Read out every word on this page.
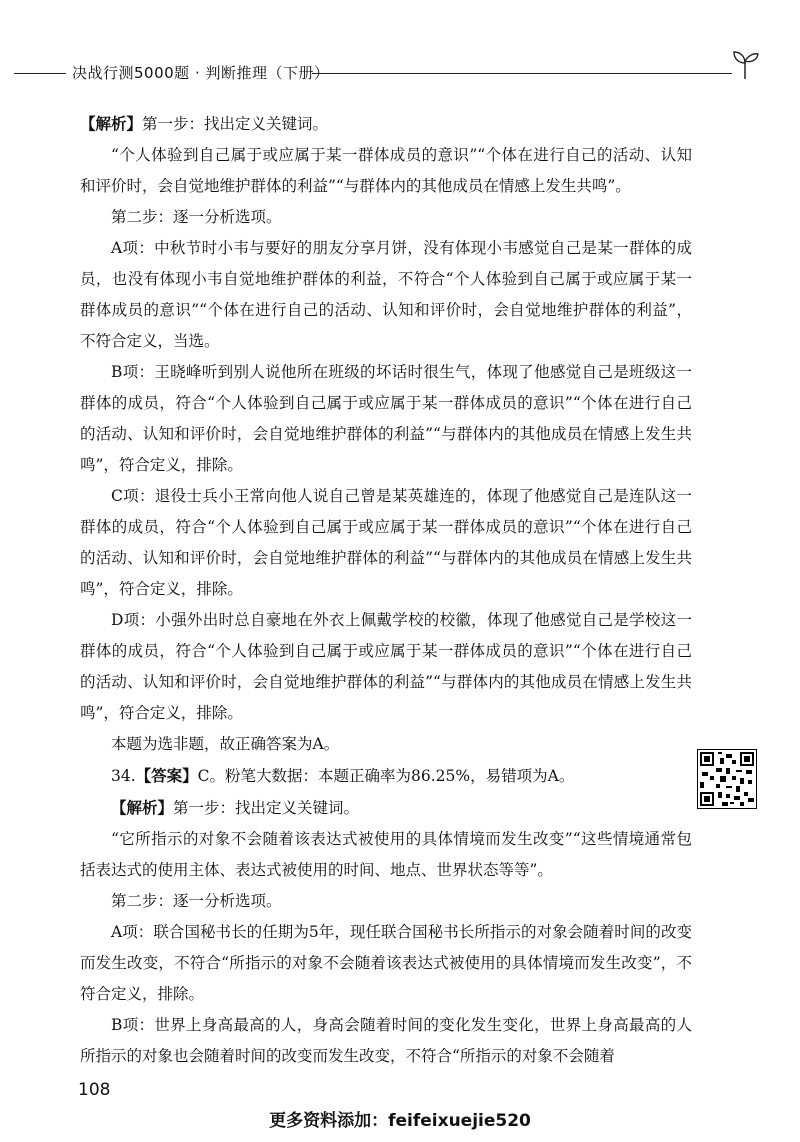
决战行测5000题 · 判断推理（下册）

【解析】第一步：找出定义关键词。

“个人体验到自己属于或应属于某一群体成员的意识”“个体在进行自己的活动、认知和评价时，会自觉地维护群体的利益”“与群体内的其他成员在情感上发生共鸣”。

第二步：逐一分析选项。

A项：中秋节时小韦与要好的朋友分享月饼，没有体现小韦感觉自己是某一群体的成员，也没有体现小韦自觉地维护群体的利益，不符合“个人体验到自己属于或应属于某一群体成员的意识”“个体在进行自己的活动、认知和评价时，会自觉地维护群体的利益”，不符合定义，当选。

B项：王晓峰听到别人说他所在班级的坏话时很生气，体现了他感觉自己是班级这一群体的成员，符合“个人体验到自己属于或应属于某一群体成员的意识”“个体在进行自己的活动、认知和评价时，会自觉地维护群体的利益”“与群体内的其他成员在情感上发生共鸣”，符合定义，排除。

C项：退役士兵小王常向他人说自己曾是某英雄连的，体现了他感觉自己是连队这一群体的成员，符合“个人体验到自己属于或应属于某一群体成员的意识”“个体在进行自己的活动、认知和评价时，会自觉地维护群体的利益”“与群体内的其他成员在情感上发生共鸣”，符合定义，排除。

D项：小强外出时总自豪地在外衣上佩戴学校的校徽，体现了他感觉自己是学校这一群体的成员，符合“个人体验到自己属于或应属于某一群体成员的意识”“个体在进行自己的活动、认知和评价时，会自觉地维护群体的利益”“与群体内的其他成员在情感上发生共鸣”，符合定义，排除。

本题为选非题，故正确答案为A。

34.【答案】C。粉笔大数据：本题正确率为86.25%，易错项为A。

【解析】第一步：找出定义关键词。

“它所指示的对象不会随着该表达式被使用的具体情境而发生改变”“这些情境通常包括表达式的使用主体、表达式被使用的时间、地点、世界状态等等”。

第二步：逐一分析选项。

A项：联合国秘书长的任期为5年，现任联合国秘书长所指示的对象会随着时间的改变而发生改变，不符合“所指示的对象不会随着该表达式被使用的具体情境而发生改变”，不符合定义，排除。

B项：世界上身高最高的人，身高会随着时间的变化发生变化，世界上身高最高的人所指示的对象也会随着时间的改变而发生改变，不符合“所指示的对象不会随着

108
更多资料添加：feifeixuejie520
